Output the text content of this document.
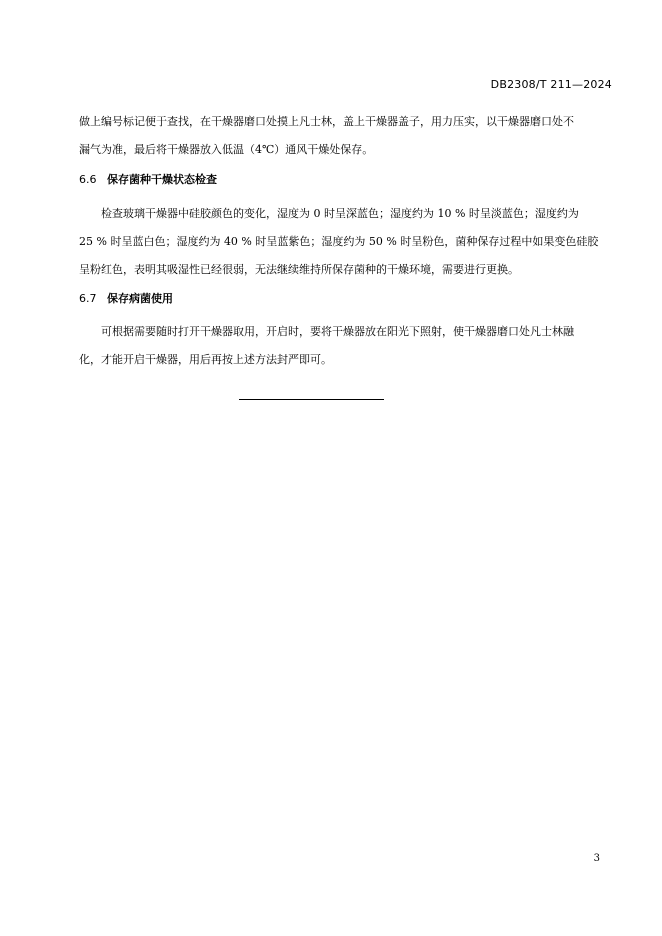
DB2308/T 211—2024
做上编号标记便于查找，在干燥器磨口处摸上凡士林，盖上干燥器盖子，用力压实，以干燥器磨口处不
漏气为准，最后将干燥器放入低温（4℃）通风干燥处保存。
6.6 保存菌种干燥状态检查
检查玻璃干燥器中硅胶颜色的变化，湿度为 0 时呈深蓝色；湿度约为 10 % 时呈淡蓝色；湿度约为
25 % 时呈蓝白色；湿度约为 40 % 时呈蓝紫色；湿度约为 50 % 时呈粉色，菌种保存过程中如果变色硅胶
呈粉红色，表明其吸湿性已经很弱，无法继续维持所保存菌种的干燥环境，需要进行更换。
6.7 保存病菌使用
可根据需要随时打开干燥器取用，开启时，要将干燥器放在阳光下照射，使干燥器磨口处凡士林融
化，才能开启干燥器，用后再按上述方法封严即可。
3
